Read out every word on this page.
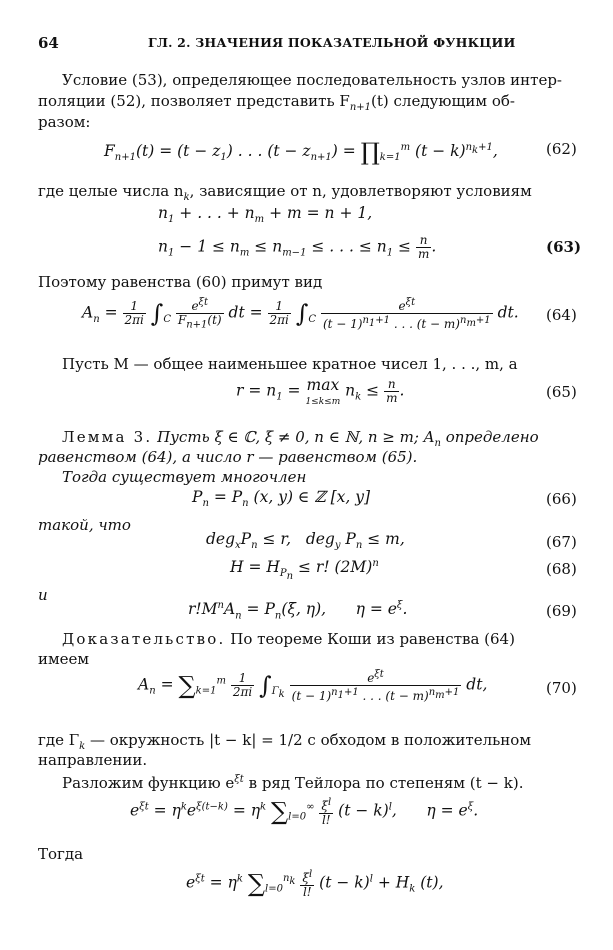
64	ГЛ. 2. ЗНАЧЕНИЯ ПОКАЗАТЕЛЬНОЙ ФУНКЦИИ
Условие (53), определяющее последовательность узлов интер-
поляции (52), позволяет представить $F_{n+1}(t)$ следующим об-
разом:
$F_{n+1}(t) = (t - z_1)$ . . . $(t - z_{n+1})$ = $\prod_{k=1}^m$ $(t - k)^{n_k+1}$,	(62)
где целые числа $n_k$, зависящие от n, удовлетворяют условиям
$n_1$ + . . . + $n_m + m = n + 1$,
$n_1 - 1 \le n_m \le n_{m-1}$ ≤ . . . ≤ $n_1 \le \frac{n}{m}$ .	(63)
Поэтому равенства (60) примут вид
$A_n = \frac{1}{2\pi i} \int_C \frac{e^{\xi t}}{F_{n+1}(t)}$ dt = $\frac{1}{2\pi i} \int_C \frac{e^{\xi t}}{(t - 1)^{n_1+1} . . . (t - m)^{n_m+1}}$ dt. (64)
Пусть M — общее наименьшее кратное чисел 1, . . ., m, а
$r = n_1 = \max$
1≤k≤m $n_k \le \frac{n}{m}$ .	(65)
Лемма 3. Пусть ξ ∈ ℂ, ξ ≠ 0, n ∈ ℕ, n ≥ m; $A_n$ определено
равенством (64), а число r — равенством (65).
Тогда существует многочлен
$P_n = P_n$ (x, y) ∈ ℤ [x, y]	(66)
такой, что
$deg_xP_n \le r$,   deg$_y$ $P_n \le m$,	(67)
$H = H_{P_n} \le r$! $(2M)^n$	(68)
и
$r!M^nA_n = P_n(\xi$, η),      $\eta = e^\xi$.	(69)
Доказательство. По теореме Коши из равенства (64)
имеем
$A_n = \sum_{k=1}^m \frac{1}{2\pi i} \int_{\Gamma_k} \frac{e^{\xi t}}{(t - 1)^{n_1+1} . . . (t - m)^{n_m+1}}$ dt,	(70)
где $\Gamma_k$ — окружность |t − k| = 1/2 с обходом в положительном
направлении.
Разложим функцию $e^{\xi t}$ в ряд Тейлора по степеням (t − k).
$e^{\xi t} = \eta^ke^{\xi(t-k)} = \eta^k$ $\sum_{l=0}^\infty \frac{\xi^l}{l!} (t - k)^l$,      $\eta = e^\xi$.
Тогда
$e^{\xi t} = \eta^k$ $\sum_{l=0}^{n_k} \frac{\xi^l}{l!} (t - k)^l + H_k$ (t),
